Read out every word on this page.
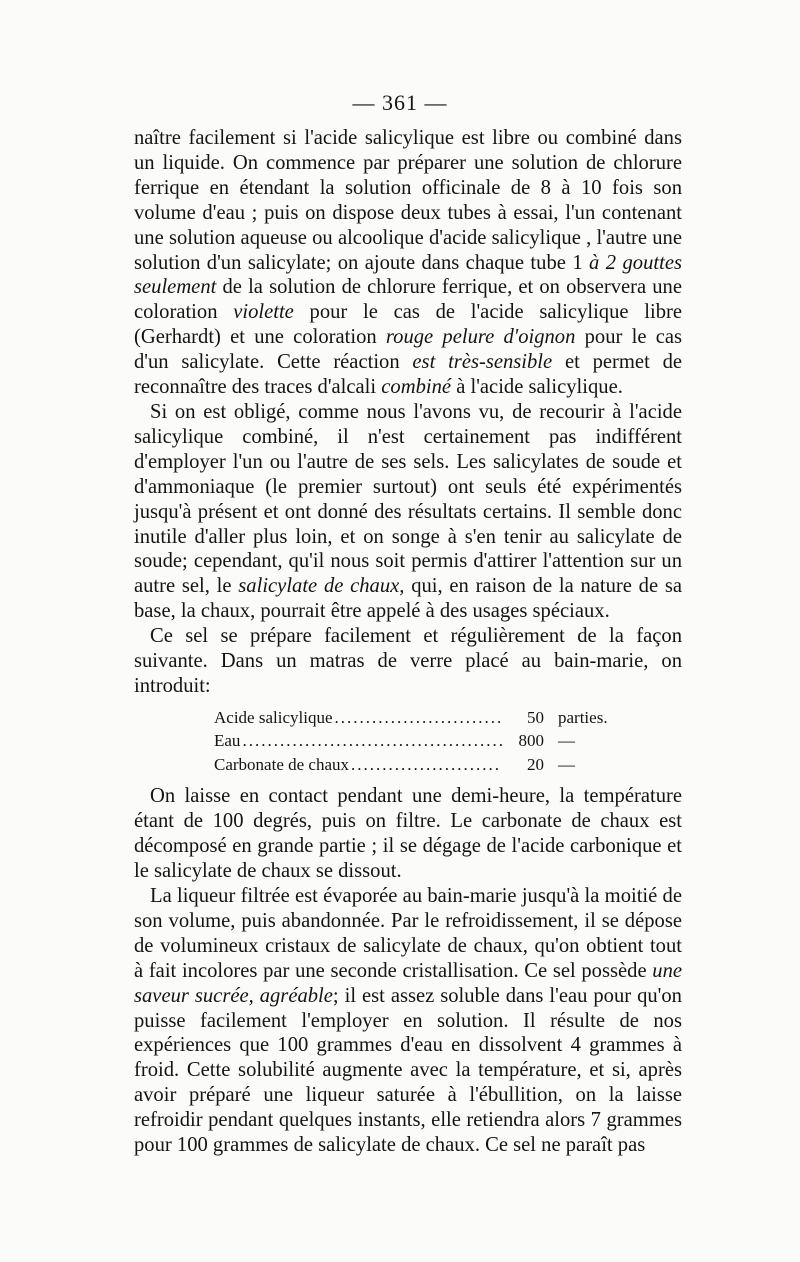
— 361 —

naître facilement si l'acide salicylique est libre ou combiné dans un liquide. On commence par préparer une solution de chlorure ferrique en étendant la solution officinale de 8 à 10 fois son volume d'eau ; puis on dispose deux tubes à essai, l'un contenant une solution aqueuse ou alcoolique d'acide salicylique , l'autre une solution d'un salicylate; on ajoute dans chaque tube 1 à 2 gouttes seulement de la solution de chlorure ferrique, et on observera une coloration violette pour le cas de l'acide salicylique libre (Gerhardt) et une coloration rouge pelure d'oignon pour le cas d'un salicylate. Cette réaction est très-sensible et permet de reconnaître des traces d'alcali combiné à l'acide salicylique.

Si on est obligé, comme nous l'avons vu, de recourir à l'acide salicylique combiné, il n'est certainement pas indifférent d'employer l'un ou l'autre de ses sels. Les salicylates de soude et d'ammoniaque (le premier surtout) ont seuls été expérimentés jusqu'à présent et ont donné des résultats certains. Il semble donc inutile d'aller plus loin, et on songe à s'en tenir au salicylate de soude; cependant, qu'il nous soit permis d'attirer l'attention sur un autre sel, le salicylate de chaux, qui, en raison de la nature de sa base, la chaux, pourrait être appelé à des usages spéciaux.

Ce sel se prépare facilement et régulièrement de la façon suivante. Dans un matras de verre placé au bain-marie, on introduit:

Acide salicylique .....	50 parties.
Eau .....	800 —
Carbonate de chaux .....	20 —

On laisse en contact pendant une demi-heure, la température étant de 100 degrés, puis on filtre. Le carbonate de chaux est décomposé en grande partie ; il se dégage de l'acide carbonique et le salicylate de chaux se dissout.

La liqueur filtrée est évaporée au bain-marie jusqu'à la moitié de son volume, puis abandonnée. Par le refroidissement, il se dépose de volumineux cristaux de salicylate de chaux, qu'on obtient tout à fait incolores par une seconde cristallisation. Ce sel possède une saveur sucrée, agréable; il est assez soluble dans l'eau pour qu'on puisse facilement l'employer en solution. Il résulte de nos expériences que 100 grammes d'eau en dissolvent 4 grammes à froid. Cette solubilité augmente avec la température, et si, après avoir préparé une liqueur saturée à l'ébullition, on la laisse refroidir pendant quelques instants, elle retiendra alors 7 grammes pour 100 grammes de salicylate de chaux. Ce sel ne paraît pas
